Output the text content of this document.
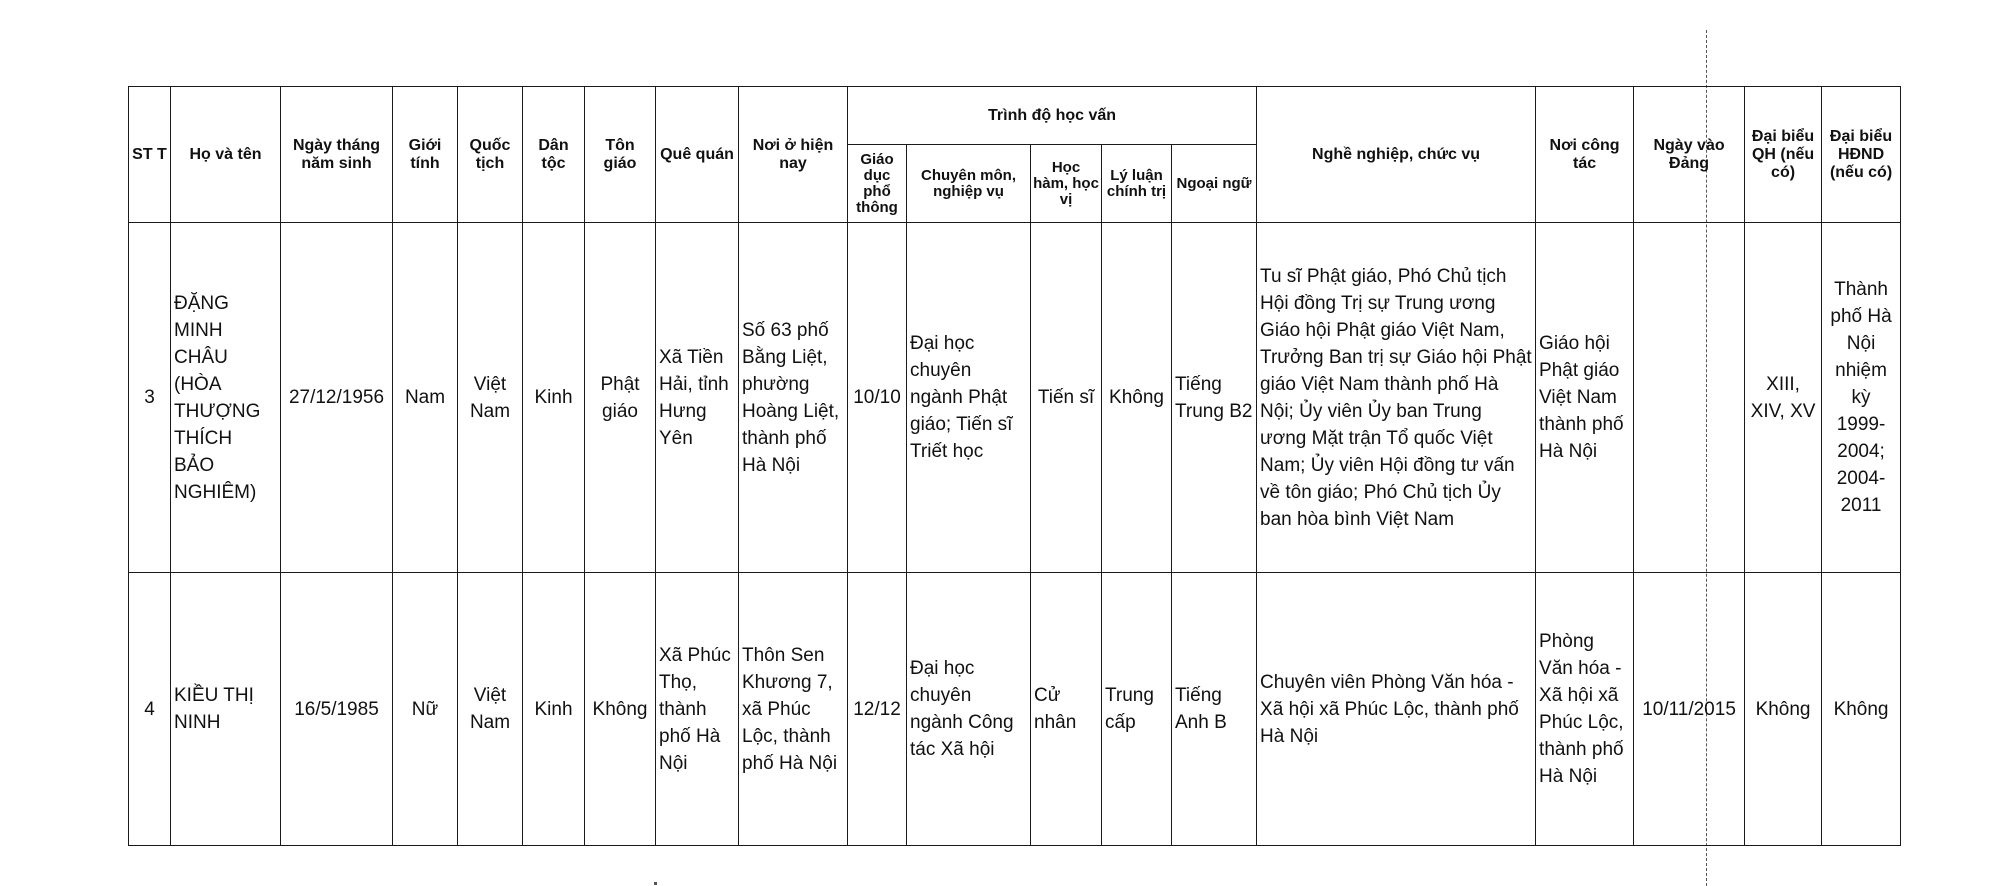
ST T	Họ và tên	Ngày tháng năm sinh	Giới tính	Quốc tịch	Dân tộc	Tôn giáo	Quê quán	Nơi ở hiện nay	Trình độ học vấn					Nghề nghiệp, chức vụ	Nơi công tác	Ngày vào Đảng	Đại biểu QH (nếu có)	Đại biểu HĐND (nếu có)
									Giáo dục phổ thông	Chuyên môn, nghiệp vụ	Học hàm, học vị	Lý luận chính trị	Ngoại ngữ					
3	ĐẶNG MINH CHÂU (HÒA THƯỢNG THÍCH BẢO NGHIÊM)	27/12/1956	Nam	Việt Nam	Kinh	Phật giáo	Xã Tiền Hải, tỉnh Hưng Yên	Số 63 phố Bằng Liệt, phường Hoàng Liệt, thành phố Hà Nội	10/10	Đại học chuyên ngành Phật giáo; Tiến sĩ Triết học	Tiến sĩ	Không	Tiếng Trung B2	Tu sĩ Phật giáo, Phó Chủ tịch Hội đồng Trị sự Trung ương Giáo hội Phật giáo Việt Nam, Trưởng Ban trị sự Giáo hội Phật giáo Việt Nam thành phố Hà Nội; Ủy viên Ủy ban Trung ương Mặt trận Tổ quốc Việt Nam; Ủy viên Hội đồng tư vấn về tôn giáo; Phó Chủ tịch Ủy ban hòa bình Việt Nam	Giáo hội Phật giáo Việt Nam thành phố Hà Nội		XIII, XIV, XV	Thành phố Hà Nội nhiệm kỳ 1999-2004; 2004-2011
4	KIỀU THỊ NINH	16/5/1985	Nữ	Việt Nam	Kinh	Không	Xã Phúc Thọ, thành phố Hà Nội	Thôn Sen Khương 7, xã Phúc Lộc, thành phố Hà Nội	12/12	Đại học chuyên ngành Công tác Xã hội	Cử nhân	Trung cấp	Tiếng Anh B	Chuyên viên Phòng Văn hóa - Xã hội xã Phúc Lộc, thành phố Hà Nội	Phòng Văn hóa - Xã hội xã Phúc Lộc, thành phố Hà Nội	10/11/2015	Không	Không
